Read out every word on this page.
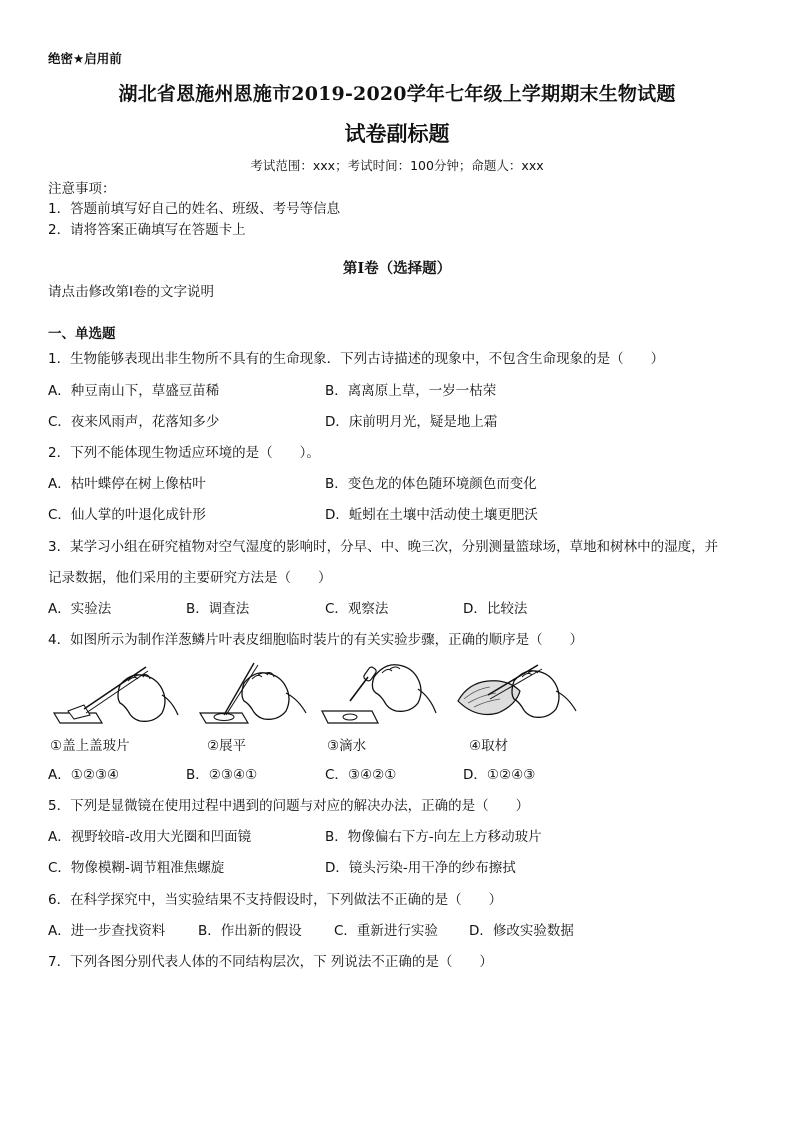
绝密★启用前
湖北省恩施州恩施市2019-2020学年七年级上学期期末生物试题
试卷副标题
考试范围：xxx；考试时间：100分钟；命题人：xxx
注意事项：
1．答题前填写好自己的姓名、班级、考号等信息
2．请将答案正确填写在答题卡上
第I卷（选择题）
请点击修改第I卷的文字说明
一、单选题
1．生物能够表现出非生物所不具有的生命现象．下列古诗描述的现象中，不包含生命现象的是（　　）
A．种豆南山下，草盛豆苗稀	B．离离原上草，一岁一枯荣
C．夜来风雨声，花落知多少	D．床前明月光，疑是地上霜
2．下列不能体现生物适应环境的是（　　）。
A．枯叶蝶停在树上像枯叶	B．变色龙的体色随环境颜色而变化
C．仙人掌的叶退化成针形	D．蚯蚓在土壤中活动使土壤更肥沃
3．某学习小组在研究植物对空气湿度的影响时，分早、中、晚三次，分别测量篮球场，草地和树林中的湿度，并
记录数据，他们采用的主要研究方法是（　　）
A．实验法	B．调查法	C．观察法	D．比较法
4．如图所示为制作洋葱鳞片叶表皮细胞临时装片的有关实验步骤，正确的顺序是（　　）
①盖上盖玻片	②展平	③滴水	④取材
A．①②③④	B．②③④①	C．③④②①	D．①②④③
5．下列是显微镜在使用过程中遇到的问题与对应的解决办法，正确的是（　　）
A．视野较暗-改用大光圈和凹面镜	B．物像偏右下方-向左上方移动玻片
C．物像模糊-调节粗准焦螺旋	D．镜头污染-用干净的纱布擦拭
6．在科学探究中，当实验结果不支持假设时，下列做法不正确的是（　　）
A．进一步查找资料 B．作出新的假设 C．重新进行实验 D．修改实验数据
7．下列各图分别代表人体的不同结构层次，下 列说法不正确的是（　　）
